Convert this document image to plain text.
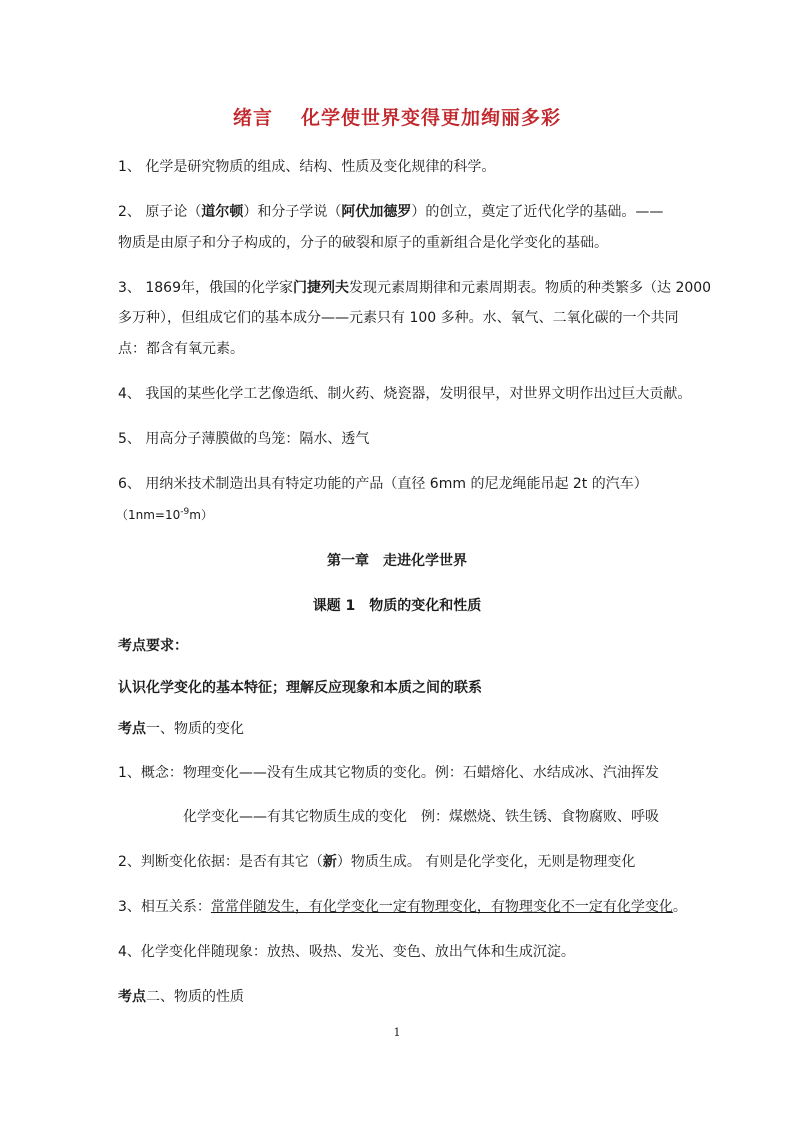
绪言 化学使世界变得更加绚丽多彩
1、 化学是研究物质的组成、结构、性质及变化规律的科学。
2、 原子论（道尔顿）和分子学说（阿伏加德罗）的创立，奠定了近代化学的基础。——
物质是由原子和分子构成的，分子的破裂和原子的重新组合是化学变化的基础。
3、 1869年，俄国的化学家门捷列夫发现元素周期律和元素周期表。物质的种类繁多（达 2000
多万种），但组成它们的基本成分——元素只有 100 多种。水、氧气、二氧化碳的一个共同
点：都含有氧元素。
4、 我国的某些化学工艺像造纸、制火药、烧瓷器，发明很早，对世界文明作出过巨大贡献。
5、 用高分子薄膜做的鸟笼：隔水、透气
6、 用纳米技术制造出具有特定功能的产品（直径 6mm 的尼龙绳能吊起 2t 的汽车）
$(1nm=10^{-9}m)$
第一章　走进化学世界
课题 1　物质的变化和性质
考点要求：
认识化学变化的基本特征；理解反应现象和本质之间的联系
考点一、物质的变化
1、概念：物理变化——没有生成其它物质的变化。例：石蜡熔化、水结成冰、汽油挥发
化学变化——有其它物质生成的变化　例：煤燃烧、铁生锈、食物腐败、呼吸
2、判断变化依据：是否有其它（新）物质生成。 有则是化学变化，无则是物理变化
3、相互关系：常常伴随发生，有化学变化一定有物理变化，有物理变化不一定有化学变化。
4、化学变化伴随现象：放热、吸热、发光、变色、放出气体和生成沉淀。
考点二、物质的性质
1
